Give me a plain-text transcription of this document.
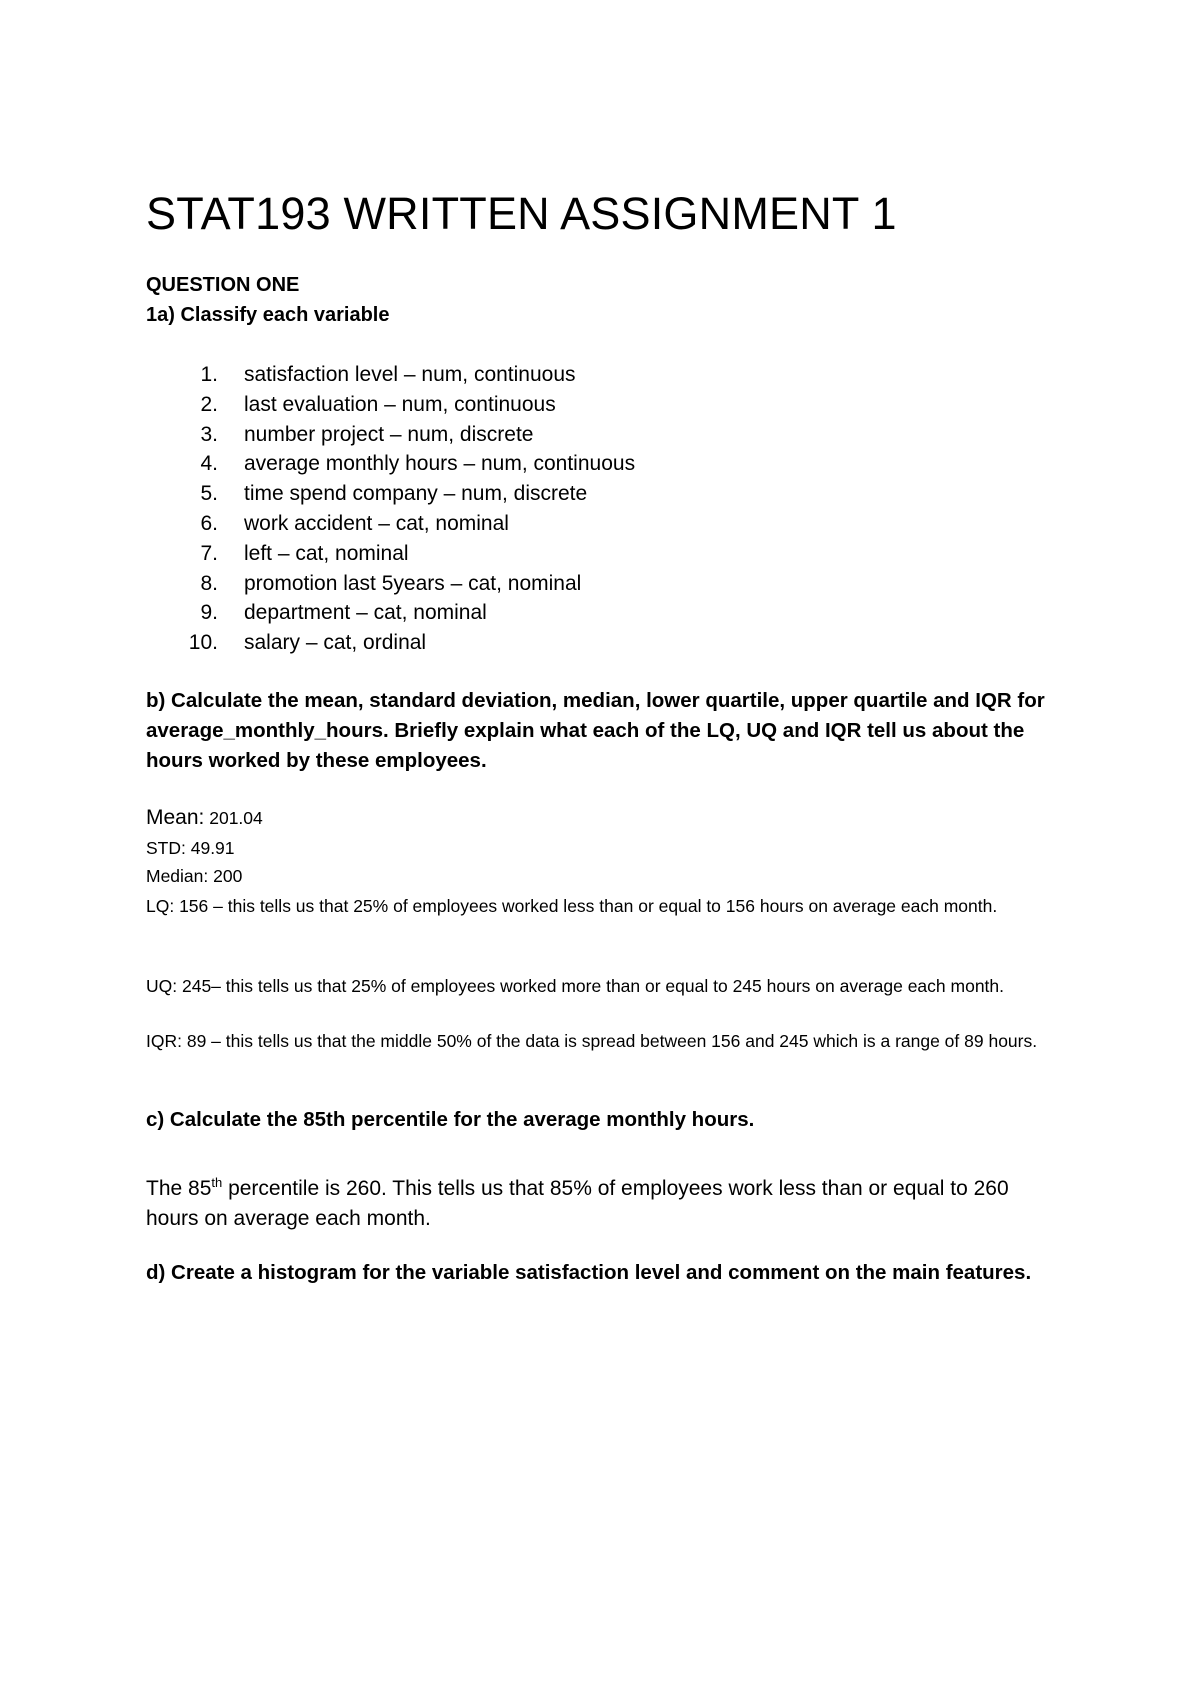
STAT193 WRITTEN ASSIGNMENT 1
QUESTION ONE
1a) Classify each variable
1. satisfaction level – num, continuous
2. last evaluation – num, continuous
3. number project – num, discrete
4. average monthly hours – num, continuous
5. time spend company – num, discrete
6. work accident – cat, nominal
7. left – cat, nominal
8. promotion last 5years – cat, nominal
9. department – cat, nominal
10. salary – cat, ordinal
b) Calculate the mean, standard deviation, median, lower quartile, upper quartile and IQR for average_monthly_hours. Briefly explain what each of the LQ, UQ and IQR tell us about the hours worked by these employees.
Mean: 201.04
STD: 49.91
Median: 200
LQ: 156 – this tells us that 25% of employees worked less than or equal to 156 hours on average each month.
UQ: 245– this tells us that 25% of employees worked more than or equal to 245 hours on average each month.
IQR: 89 – this tells us that the middle 50% of the data is spread between 156 and 245 which is a range of 89 hours.
c) Calculate the 85th percentile for the average monthly hours.
The 85th percentile is 260. This tells us that 85% of employees work less than or equal to 260 hours on average each month.
d) Create a histogram for the variable satisfaction level and comment on the main features.
